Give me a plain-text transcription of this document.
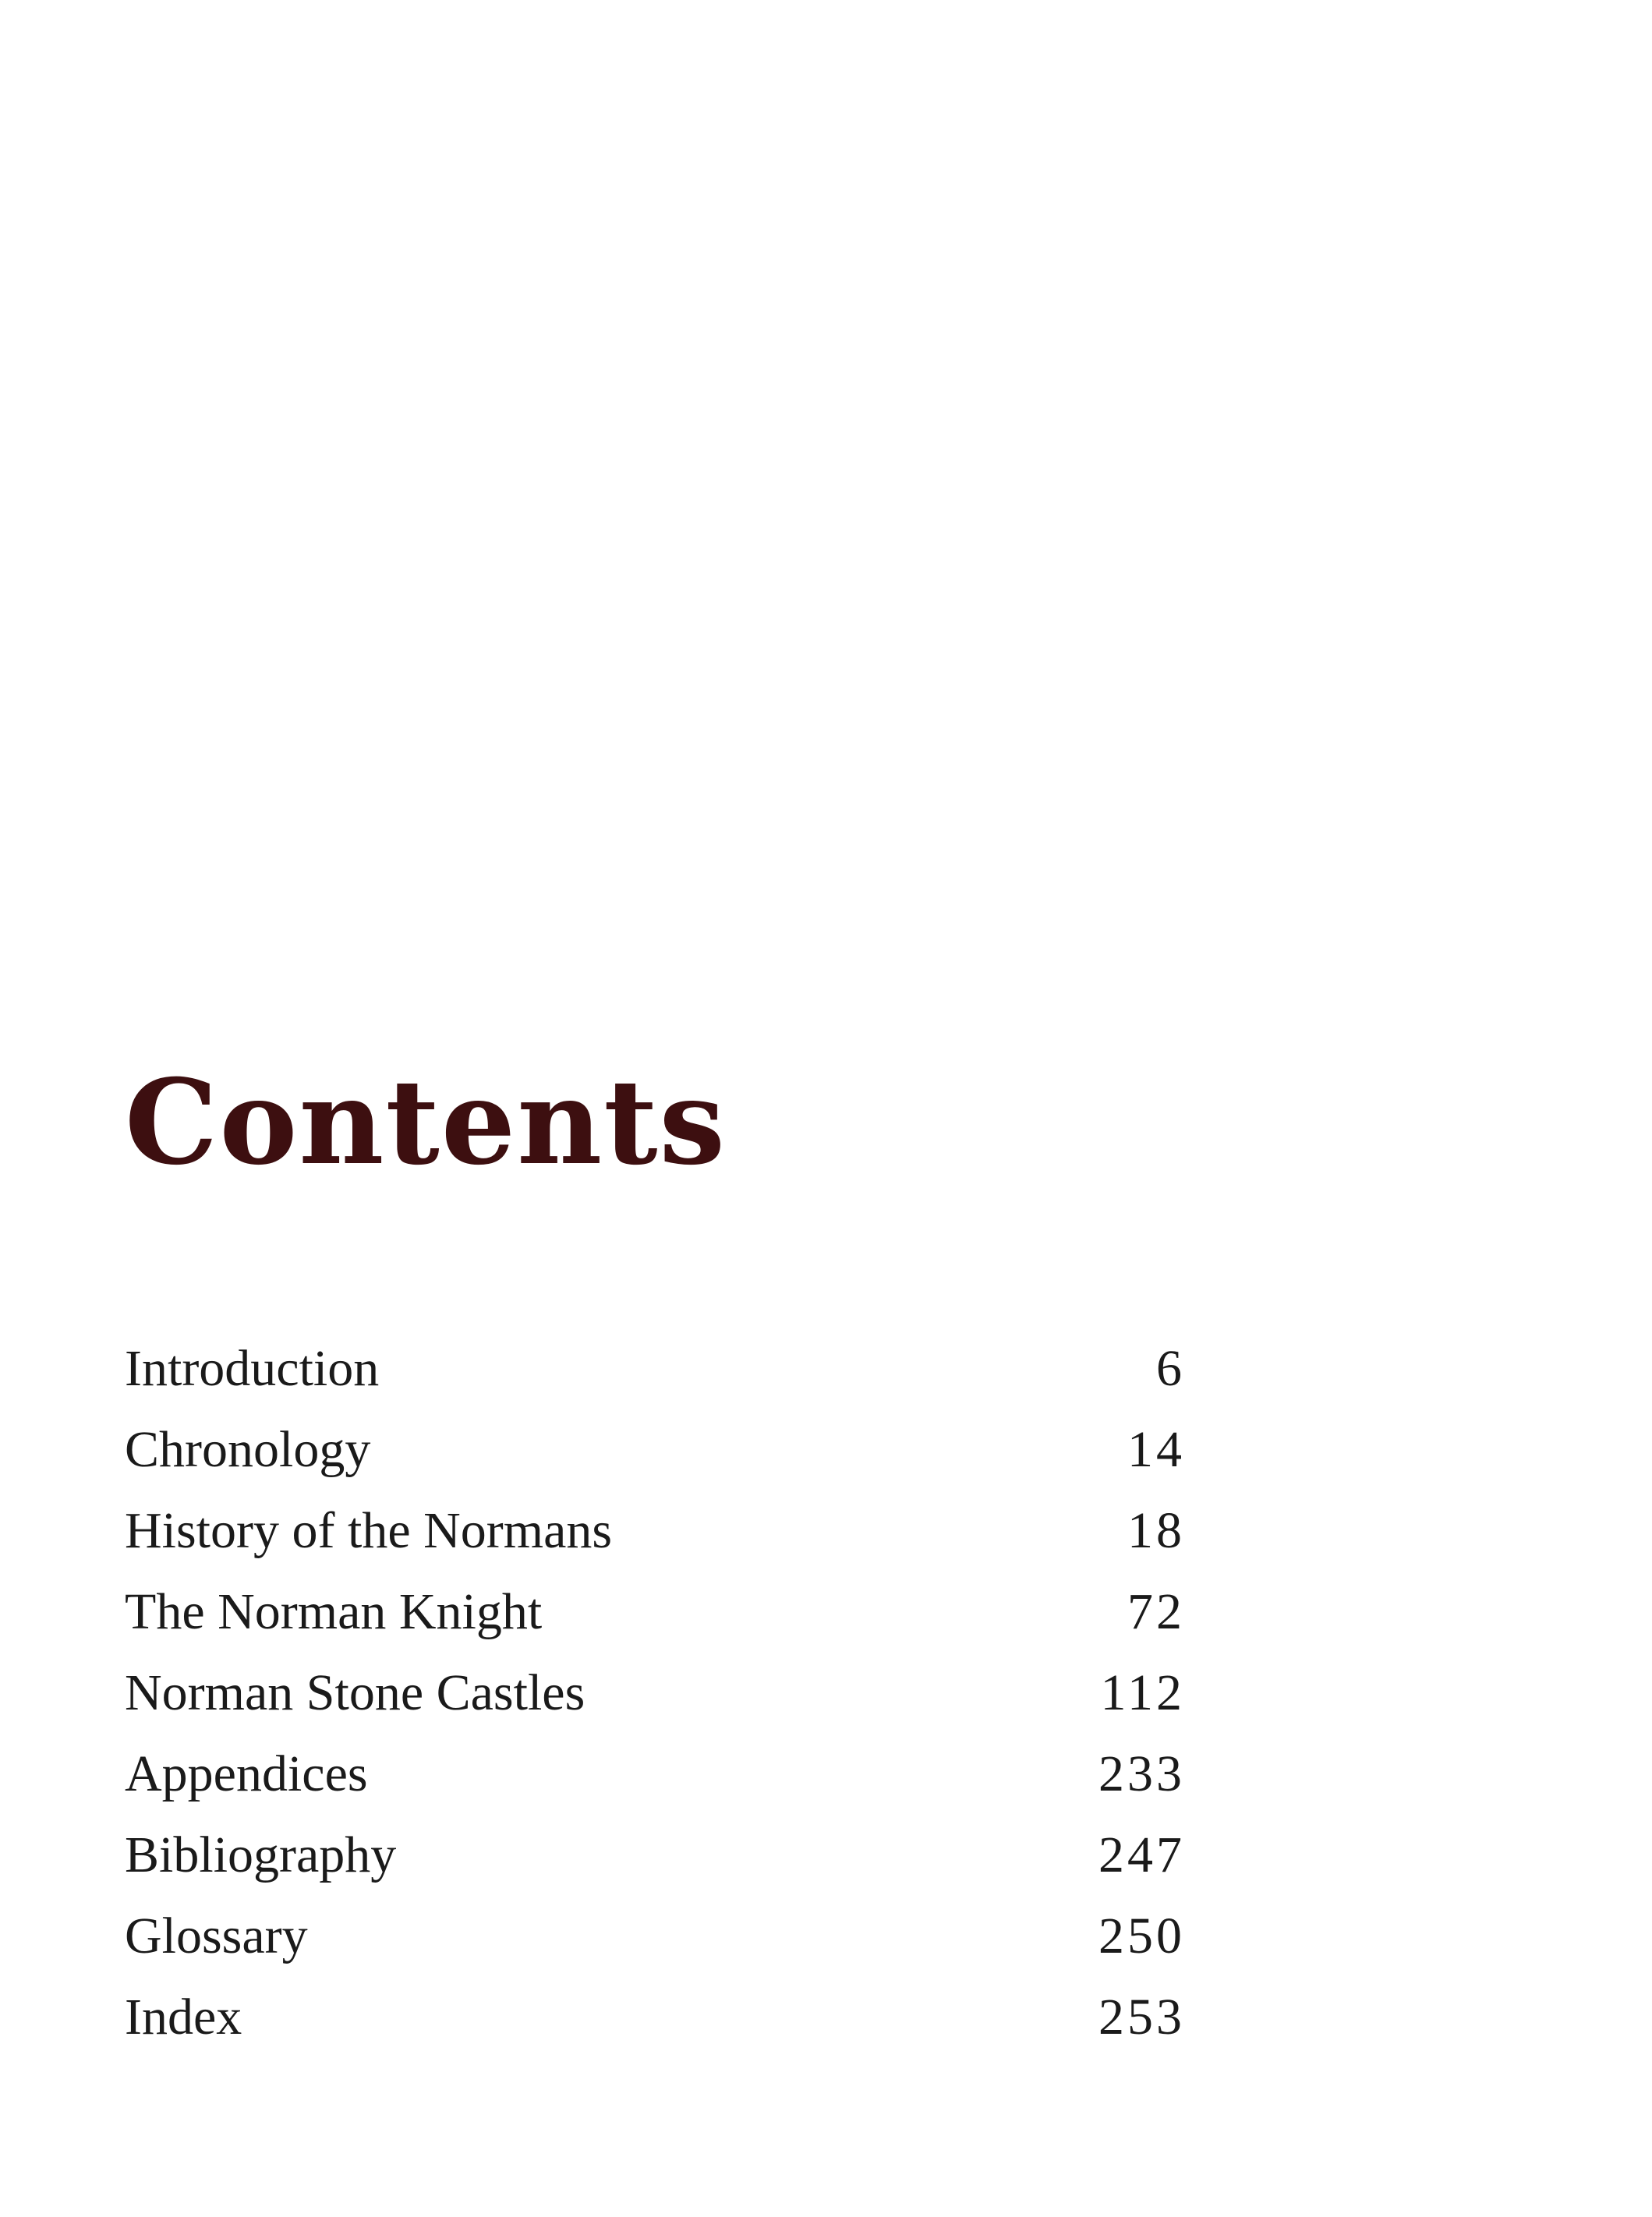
Contents
Introduction	6
Chronology	14
History of the Normans	18
The Norman Knight	72
Norman Stone Castles	112
Appendices	233
Bibliography	247
Glossary	250
Index	253
